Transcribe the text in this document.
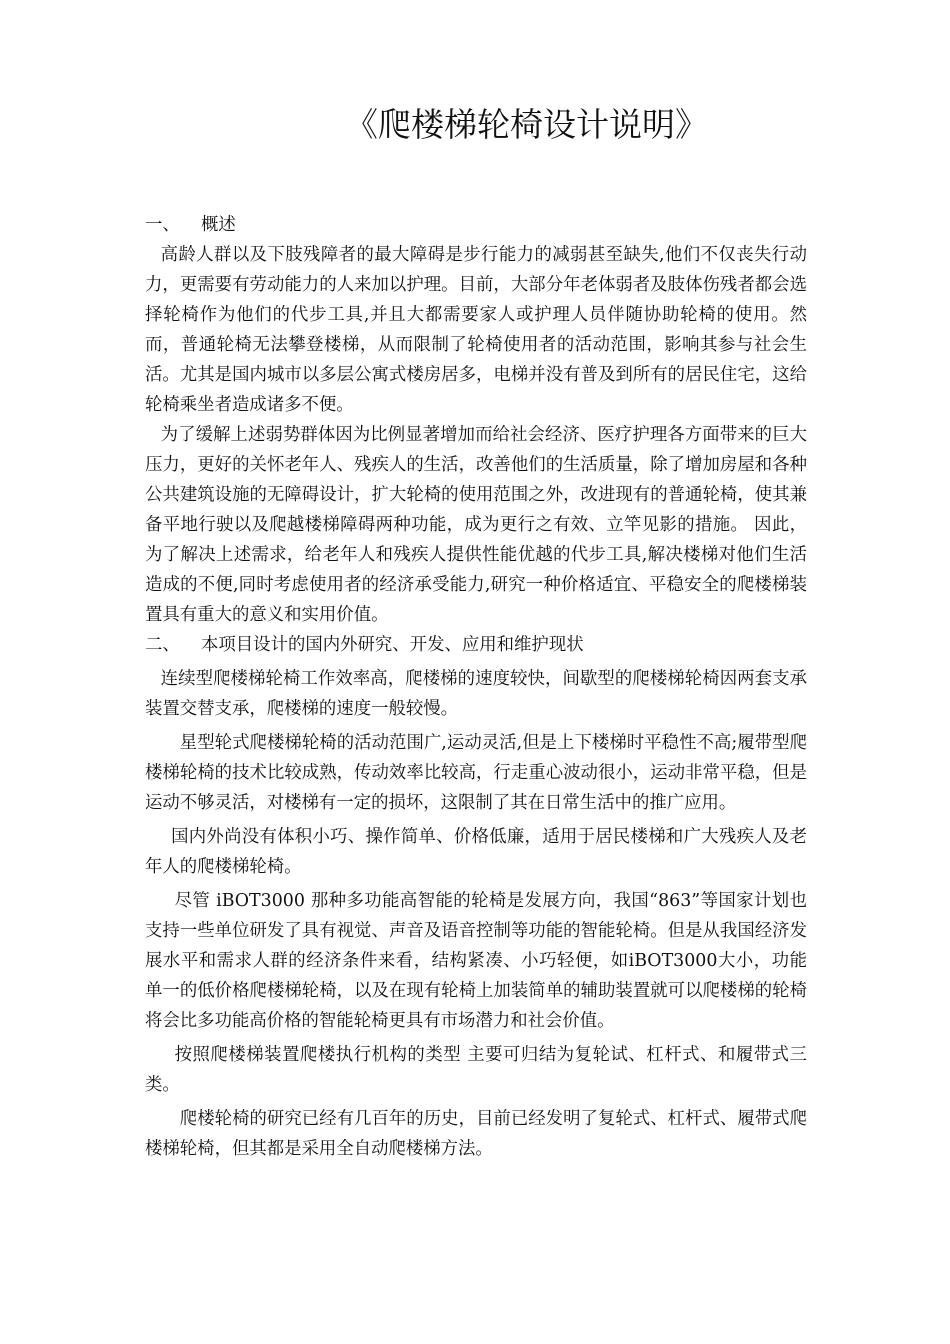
《爬楼梯轮椅设计说明》
一、 概述

高龄人群以及下肢残障者的最大障碍是步行能力的减弱甚至缺失,他们不仅丧失行动力，更需要有劳动能力的人来加以护理。目前，大部分年老体弱者及肢体伤残者都会选择轮椅作为他们的代步工具,并且大都需要家人或护理人员伴随协助轮椅的使用。然而，普通轮椅无法攀登楼梯，从而限制了轮椅使用者的活动范围，影响其参与社会生活。尤其是国内城市以多层公寓式楼房居多，电梯并没有普及到所有的居民住宅，这给轮椅乘坐者造成诸多不便。

为了缓解上述弱势群体因为比例显著增加而给社会经济、医疗护理各方面带来的巨大压力，更好的关怀老年人、残疾人的生活，改善他们的生活质量，除了增加房屋和各种公共建筑设施的无障碍设计，扩大轮椅的使用范围之外，改进现有的普通轮椅，使其兼备平地行驶以及爬越楼梯障碍两种功能，成为更行之有效、立竿见影的措施。 因此，为了解决上述需求，给老年人和残疾人提供性能优越的代步工具,解决楼梯对他们生活造成的不便,同时考虑使用者的经济承受能力,研究一种价格适宜、平稳安全的爬楼梯装置具有重大的意义和实用价值。

二、 本项目设计的国内外研究、开发、应用和维护现状

连续型爬楼梯轮椅工作效率高，爬楼梯的速度较快，间歇型的爬楼梯轮椅因两套支承装置交替支承，爬楼梯的速度一般较慢。

星型轮式爬楼梯轮椅的活动范围广,运动灵活,但是上下楼梯时平稳性不高;履带型爬楼梯轮椅的技术比较成熟，传动效率比较高，行走重心波动很小，运动非常平稳，但是运动不够灵活，对楼梯有一定的损坏，这限制了其在日常生活中的推广应用。

国内外尚没有体积小巧、操作简单、价格低廉，适用于居民楼梯和广大残疾人及老年人的爬楼梯轮椅。

尽管 iBOT3000 那种多功能高智能的轮椅是发展方向，我国“863”等国家计划也支持一些单位研发了具有视觉、声音及语音控制等功能的智能轮椅。但是从我国经济发展水平和需求人群的经济条件来看，结构紧凑、小巧轻便，如iBOT3000大小，功能单一的低价格爬楼梯轮椅，以及在现有轮椅上加装简单的辅助装置就可以爬楼梯的轮椅将会比多功能高价格的智能轮椅更具有市场潜力和社会价值。

按照爬楼梯装置爬楼执行机构的类型 主要可归结为复轮试、杠杆式、和履带式三类。

爬楼轮椅的研究已经有几百年的历史，目前已经发明了复轮式、杠杆式、履带式爬楼梯轮椅，但其都是采用全自动爬楼梯方法。
